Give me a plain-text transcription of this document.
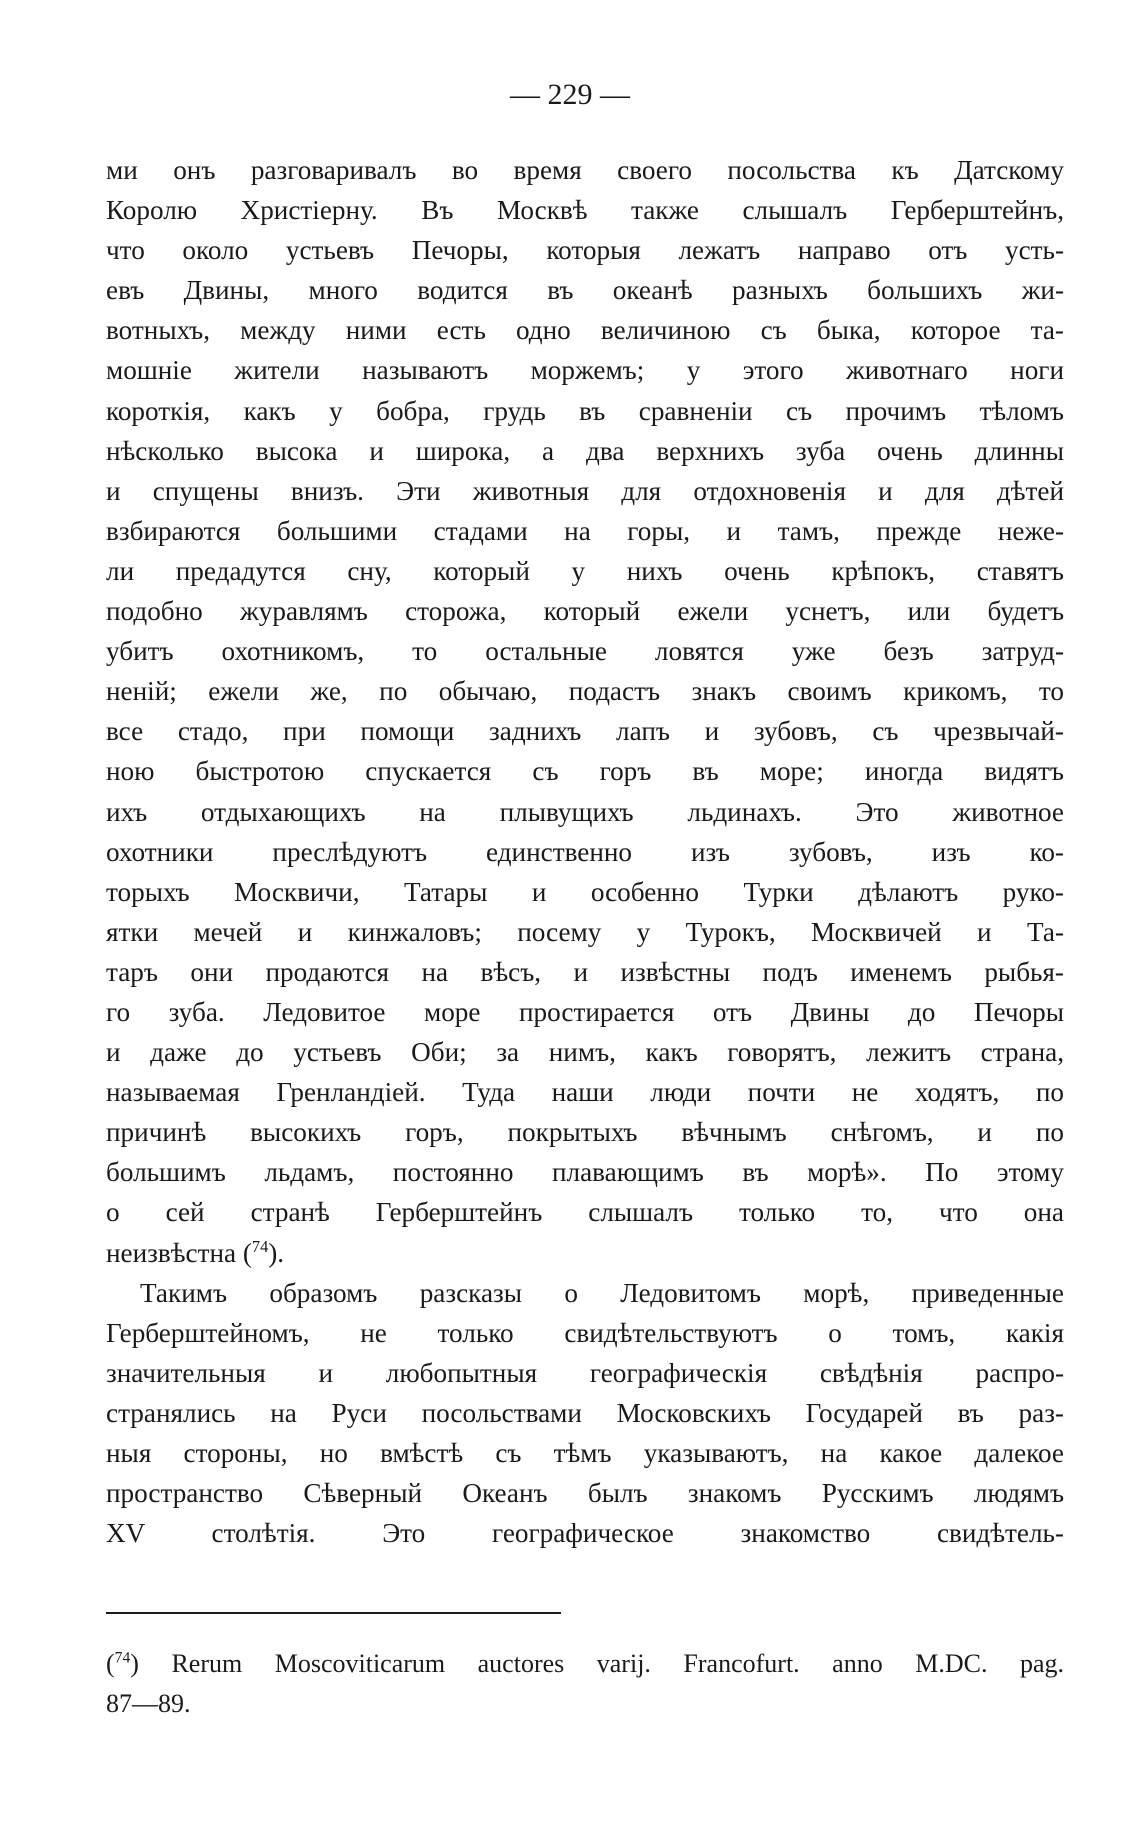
— 229 —
ми онъ разговаривалъ во время своего посольства къ Датскому
Королю Христiерну. Въ Москвѣ также слышалъ Герберштейнъ,
что около устьевъ Печоры, которыя лежатъ направо отъ усть-
евъ Двины, много водится въ океанѣ разныхъ большихъ жи-
вотныхъ, между ними есть одно величиною съ быка, которое та-
мошнiе жители называютъ моржемъ; у этого животнаго ноги
короткiя, какъ у бобра, грудь въ сравненiи съ прочимъ тѣломъ
нѣсколько высока и широка, а два верхнихъ зуба очень длинны
и спущены внизъ. Эти животныя для отдохновенiя и для дѣтей
взбираются большими стадами на горы, и тамъ, прежде неже-
ли предадутся сну, который у нихъ очень крѣпокъ, ставятъ
подобно журавлямъ сторожа, который ежели уснетъ, или будетъ
убитъ охотникомъ, то остальные ловятся уже безъ затруд-
ненiй; ежели же, по обычаю, подастъ знакъ своимъ крикомъ, то
все стадо, при помощи заднихъ лапъ и зубовъ, съ чрезвычай-
ною быстротою спускается съ горъ въ море; иногда видятъ
ихъ отдыхающихъ на плывущихъ льдинахъ. Это животное
охотники преслѣдуютъ единственно изъ зубовъ, изъ ко-
торыхъ Москвичи, Татары и особенно Турки дѣлаютъ руко-
ятки мечей и кинжаловъ; посему у Турокъ, Москвичей и Та-
таръ они продаются на вѣсъ, и извѣстны подъ именемъ рыбья-
го зуба. Ледовитое море простирается отъ Двины до Печоры
и даже до устьевъ Оби; за нимъ, какъ говорятъ, лежитъ страна,
называемая Гренландiей. Туда наши люди почти не ходятъ, по
причинѣ высокихъ горъ, покрытыхъ вѣчнымъ снѣгомъ, и по
большимъ льдамъ, постоянно плавающимъ въ морѣ». По этому
о сей странѣ Герберштейнъ слышалъ только то, что она
неизвѣстна ($^{74}$).
Такимъ образомъ разсказы о Ледовитомъ морѣ, приведенные
Герберштейномъ, не только свидѣтельствуютъ о томъ, какiя
значительныя и любопытныя географическiя свѣдѣнiя распро-
странялись на Руси посольствами Московскихъ Государей въ раз-
ныя стороны, но вмѣстѣ съ тѣмъ указываютъ, на какое далекое
пространство Сѣверный Океанъ былъ знакомъ Русскимъ людямъ
XV столѣтiя. Это географическое знакомство свидѣтель-
($^{74}$) Rerum Moscoviticarum auctores varij. Francofurt. anno M.DC. pag.
87—89.
